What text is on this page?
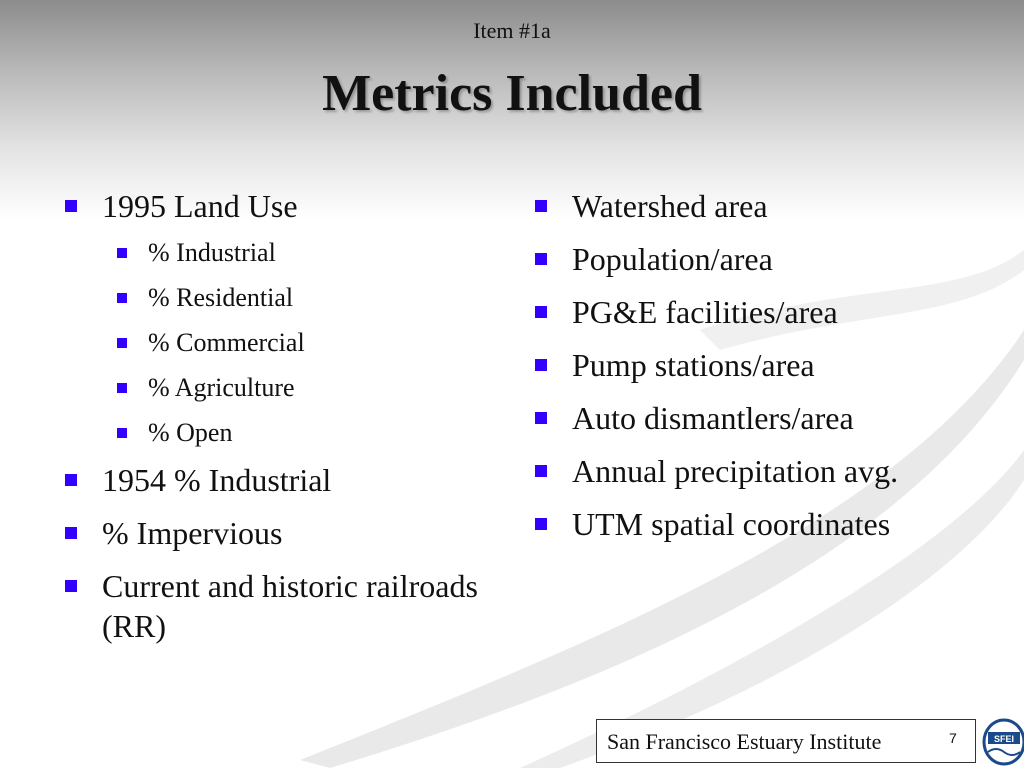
Item #1a
Metrics Included
1995 Land Use
% Industrial
% Residential
% Commercial
% Agriculture
% Open
1954 % Industrial
% Impervious
Current and historic railroads (RR)
Watershed area
Population/area
PG&E facilities/area
Pump stations/area
Auto dismantlers/area
Annual precipitation avg.
UTM spatial coordinates
San Francisco Estuary Institute	7	SFEI
